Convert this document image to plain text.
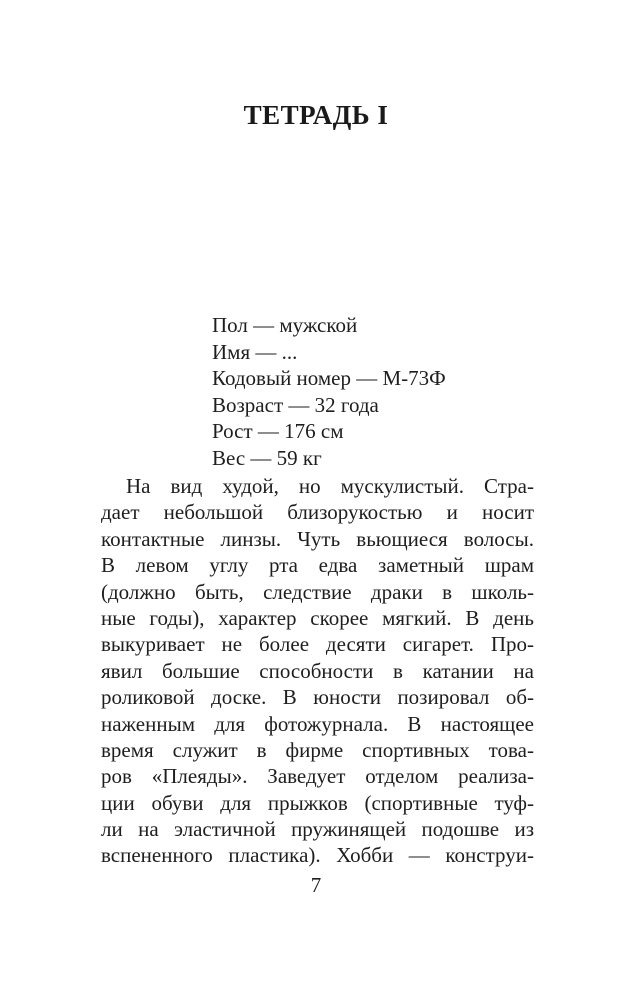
ТЕТРАДЬ I
Пол — мужской
Имя — ...
Кодовый номер — М-73Ф
Возраст — 32 года
Рост — 176 см
Вес — 59 кг
На вид худой, но мускулистый. Стра-
дает небольшой близорукостью и носит
контактные линзы. Чуть вьющиеся волосы.
В левом углу рта едва заметный шрам
(должно быть, следствие драки в школь-
ные годы), характер скорее мягкий. В день
выкуривает не более десяти сигарет. Про-
явил большие способности в катании на
роликовой доске. В юности позировал об-
наженным для фотожурнала. В настоящее
время служит в фирме спортивных това-
ров «Плеяды». Заведует отделом реализа-
ции обуви для прыжков (спортивные туф-
ли на эластичной пружинящей подошве из
вспененного пластика). Хобби — конструи-
7
